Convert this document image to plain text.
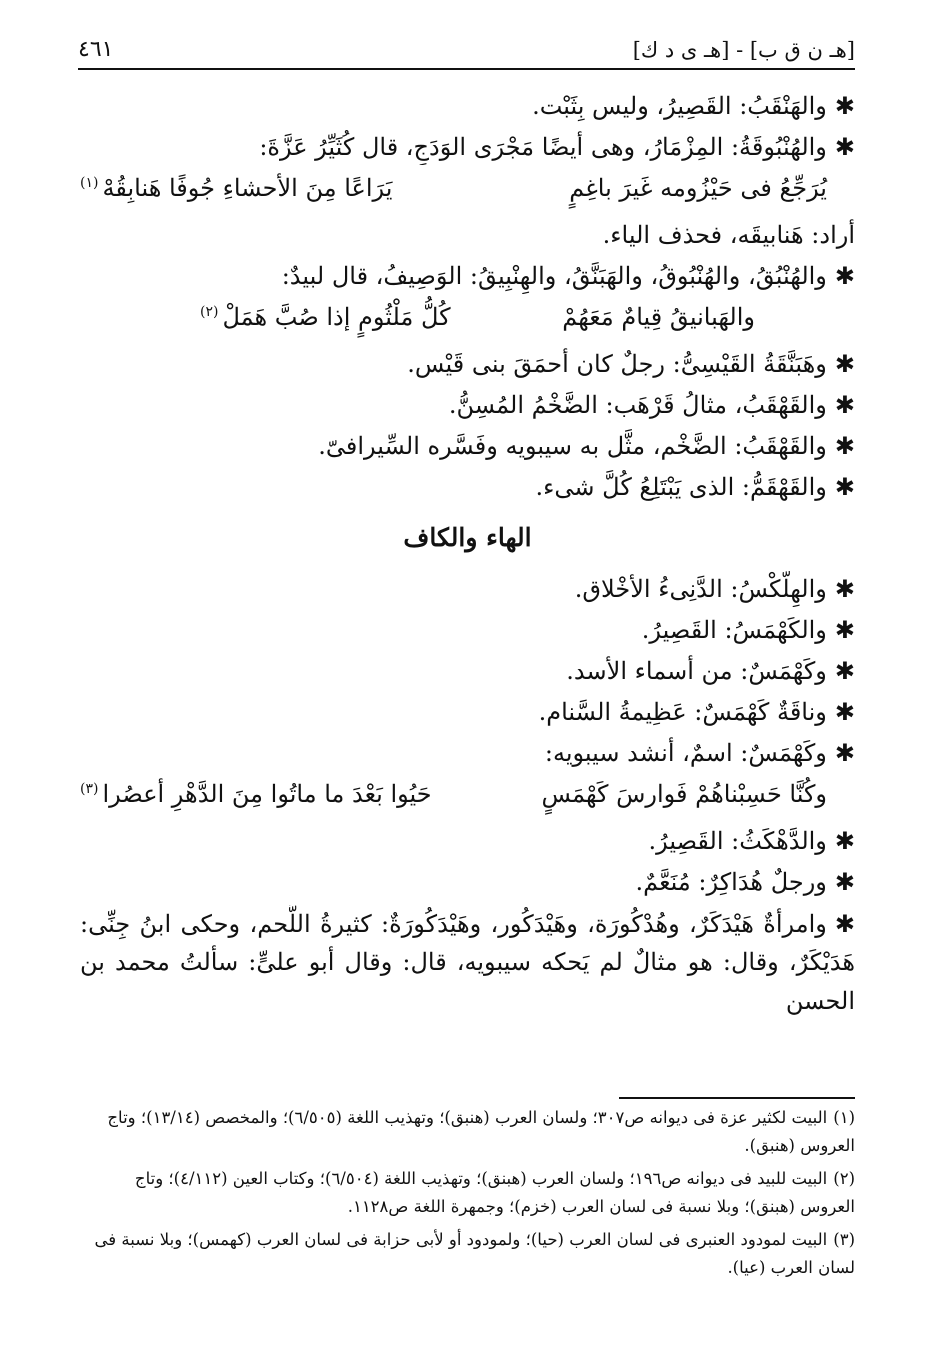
[هـ ن ق ب] - [هـ ى د ك]
٤٦١
✱والهَنْقَبُ: القَصِيرُ، وليس بِثَبْت.
✱والهُنْبُوقَةُ: المِزْمَارُ، وهى أيضًا مَجْرَى الوَدَجِ، قال كُثَيِّرُ عَزَّةَ:
يُرَجِّعُ فى حَيْزُومه غَيرَ باغِمٍ
يَرَاعًا مِنَ الأحشاءِ جُوفًا هَنابِقُهْ$^{(١)}$
أراد: هَنابيقَه، فحذف الياء.
✱والهُنْبُقُ، والهُنْبُوقُ، والهَبَنَّقُ، والهِنْبِيقُ: الوَصِيفُ، قال لبيدٌ:
والهَبانيقُ قِيامٌ مَعَهُمْ
كُلُّ مَلْثُومٍ إذا صُبَّ هَمَلْ$^{(٢)}$
✱وهَبَنَّقَةُ القَيْسِىُّ: رجلٌ كان أحمَقَ بنى قَيْس.
✱والقَهْقَبُ، مثالُ قَرْهَب: الضَّخْمُ المُسِنُّ.
✱والقَهْقَبُ: الضَّخْم، مثَّل به سيبويه وفَسَّره السِّيرافىّ.
✱والقَهْقَمُّ: الذى يَبْتَلِعُ كُلَّ شىء.
الهاء والكاف
✱والهِلَّكْسُ: الدَّنِىءُ الأخْلاق.
✱والكَهْمَسُ: القَصِيرُ.
✱وكَهْمَسٌ: من أسماء الأسد.
✱وناقَةٌ كَهْمَسٌ: عَظِيمةُ السَّنام.
✱وكَهْمَسٌ: اسمٌ، أنشد سيبويه:
وكُنَّا حَسِبْناهُمْ فَوارسَ كَهْمَسٍ
حَيُوا بَعْدَ ما ماتُوا مِنَ الدَّهْرِ أعصُرا$^{(٣)}$
✱والدَّهْكَثُ: القَصِيرُ.
✱ورجلٌ هُدَاكِرٌ: مُنَعَّمٌ.
✱وامرأةٌ هَيْدَكَرٌ، وهُدْكُورَة، وهَيْدَكُور، وهَيْدَكُورَةٌ: كثيرةُ اللَّحم، وحكى ابنُ جِنِّى: هَدَيْكَرٌ، وقال: هو مثالٌ لم يَحكه سيبويه، قال: وقال أبو علىٍّ: سألتُ محمد بن الحسن
(١)البيت لكثير عزة فى ديوانه ص٣٠٧؛ ولسان العرب (هنبق)؛ وتهذيب اللغة (٦/٥٠٥)؛ والمخصص (١٣/١٤)؛ وتاج العروس (هنبق).
(٢)البيت للبيد فى ديوانه ص١٩٦؛ ولسان العرب (هبنق)؛ وتهذيب اللغة (٦/٥٠٤)؛ وكتاب العين (٤/١١٢)؛ وتاج العروس (هبنق)؛ وبلا نسبة فى لسان العرب (خزم)؛ وجمهرة اللغة ص١١٢٨.
(٣)البيت لمودود العنبرى فى لسان العرب (حيا)؛ ولمودود أو لأبى حزابة فى لسان العرب (كهمس)؛ وبلا نسبة فى لسان العرب (عيا).
